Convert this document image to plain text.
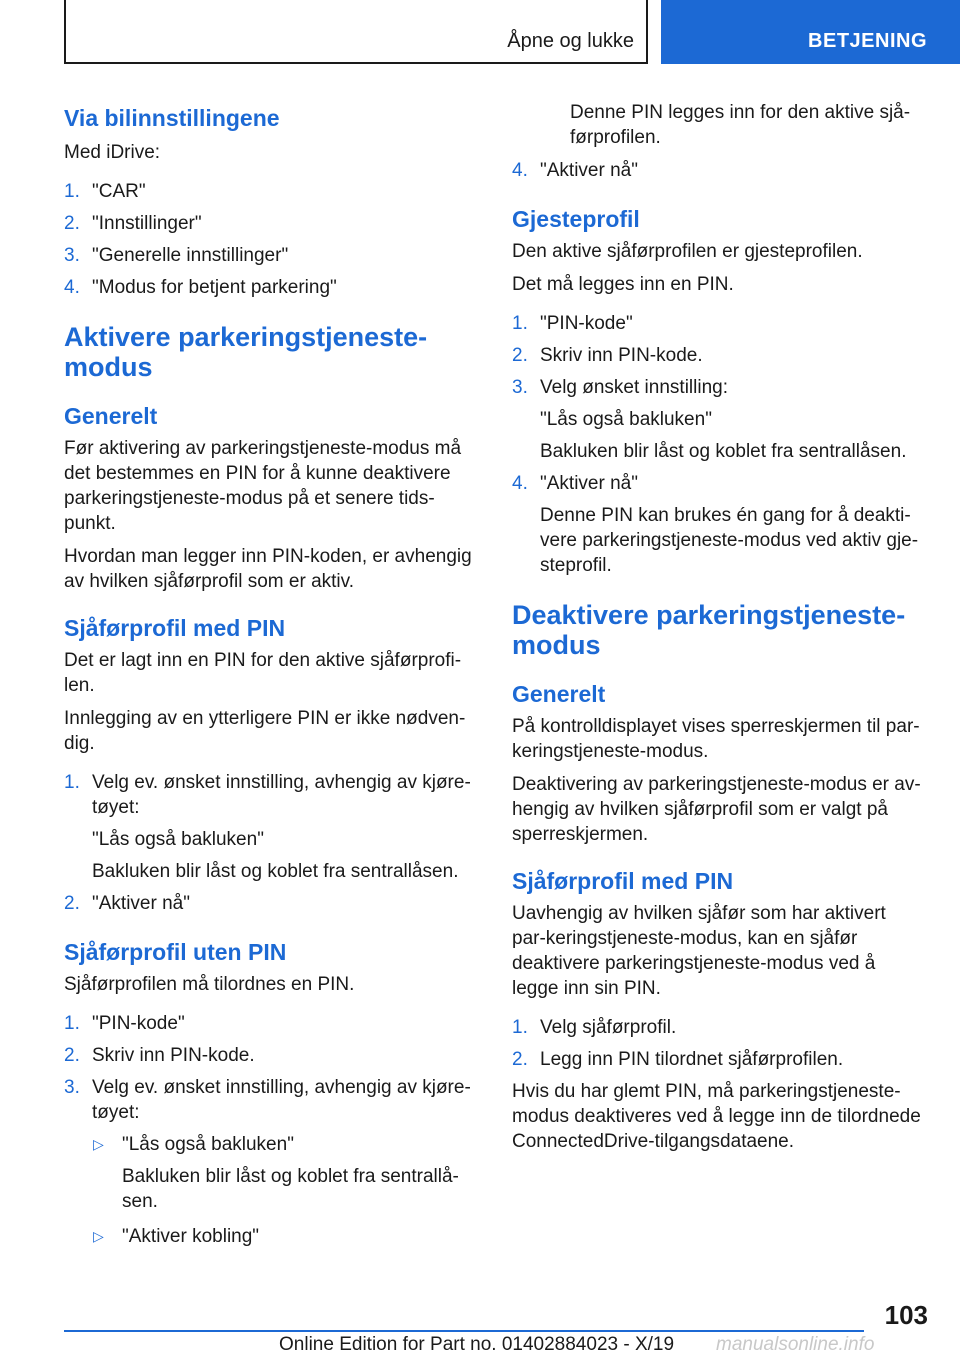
Åpne og lukke	BETJENING
Via bilinnstillingene

Med iDrive:

1. "CAR"
2. "Innstillinger"
3. "Generelle innstillinger"
4. "Modus for betjent parkering"
Aktivere parkeringstjeneste-modus
Generelt

Før aktivering av parkeringstjeneste-modus må det bestemmes en PIN for å kunne deaktivere parkeringstjeneste-modus på et senere tids-punkt.

Hvordan man legger inn PIN-koden, er avhengig av hvilken sjåførprofil som er aktiv.

Sjåførprofil med PIN

Det er lagt inn en PIN for den aktive sjåførprofi-len.

Innlegging av en ytterligere PIN er ikke nødven-dig.

1. Velg ev. ønsket innstilling, avhengig av kjøre-tøyet:
"Lås også bakluken"
Bakluken blir låst og koblet fra sentrallåsen.
2. "Aktiver nå"
Sjåførprofil uten PIN

Sjåførprofilen må tilordnes en PIN.

1. "PIN-kode"
2. Skriv inn PIN-kode.
3. Velg ev. ønsket innstilling, avhengig av kjøre-tøyet:
▷ "Lås også bakluken"
Bakluken blir låst og koblet fra sentrallå-sen.
▷ "Aktiver kobling"
Denne PIN legges inn for den aktive sjå-førprofilen.
4. "Aktiver nå"
Gjesteprofil

Den aktive sjåførprofilen er gjesteprofilen.

Det må legges inn en PIN.

1. "PIN-kode"
2. Skriv inn PIN-kode.
3. Velg ønsket innstilling:
"Lås også bakluken"
Bakluken blir låst og koblet fra sentrallåsen.
4. "Aktiver nå"
Denne PIN kan brukes én gang for å deakti-vere parkeringstjeneste-modus ved aktiv gje-steprofil.
Deaktivere parkeringstjeneste-modus
Generelt

På kontrolldisplayet vises sperreskjermen til par-keringstjeneste-modus.

Deaktivering av parkeringstjeneste-modus er av-hengig av hvilken sjåførprofil som er valgt på sperreskjermen.

Sjåførprofil med PIN

Uavhengig av hvilken sjåfør som har aktivert par-keringstjeneste-modus, kan en sjåfør deaktivere parkeringstjeneste-modus ved å legge inn sin PIN.

1. Velg sjåførprofil.
2. Legg inn PIN tilordnet sjåførprofilen.

Hvis du har glemt PIN, må parkeringstjeneste-modus deaktiveres ved å legge inn de tilordnede ConnectedDrive-tilgangsdataene.

103
Online Edition for Part no. 01402884023 - X/19 manualsonline.info
